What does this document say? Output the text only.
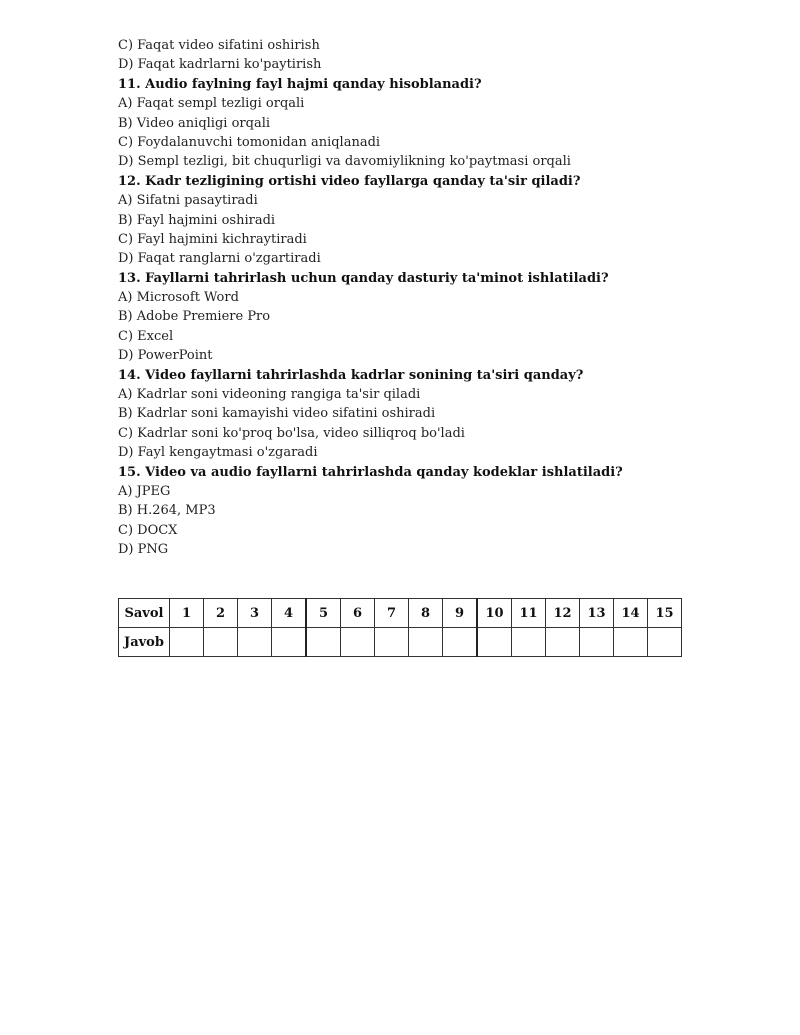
C) Faqat video sifatini oshirish
D) Faqat kadrlarni ko'paytirish
11. Audio faylning fayl hajmi qanday hisoblanadi?
A) Faqat sempl tezligi orqali
B) Video aniqligi orqali
C) Foydalanuvchi tomonidan aniqlanadi
D) Sempl tezligi, bit chuqurligi va davomiylikning ko'paytmasi orqali
12. Kadr tezligining ortishi video fayllarga qanday ta'sir qiladi?
A) Sifatni pasaytiradi
B) Fayl hajmini oshiradi
C) Fayl hajmini kichraytiradi
D) Faqat ranglarni o'zgartiradi
13. Fayllarni tahrirlash uchun qanday dasturiy ta'minot ishlatiladi?
A) Microsoft Word
B) Adobe Premiere Pro
C) Excel
D) PowerPoint
14. Video fayllarni tahrirlashda kadrlar sonining ta'siri qanday?
A) Kadrlar soni videoning rangiga ta'sir qiladi
B) Kadrlar soni kamayishi video sifatini oshiradi
C) Kadrlar soni ko'proq bo'lsa, video silliqroq bo'ladi
D) Fayl kengaytmasi o'zgaradi
15. Video va audio fayllarni tahrirlashda qanday kodeklar ishlatiladi?
A) JPEG
B) H.264, MP3
C) DOCX
D) PNG
Savol	1	2	3	4	5	6	7	8	9	10	11	12	13	14	15
Javob															
